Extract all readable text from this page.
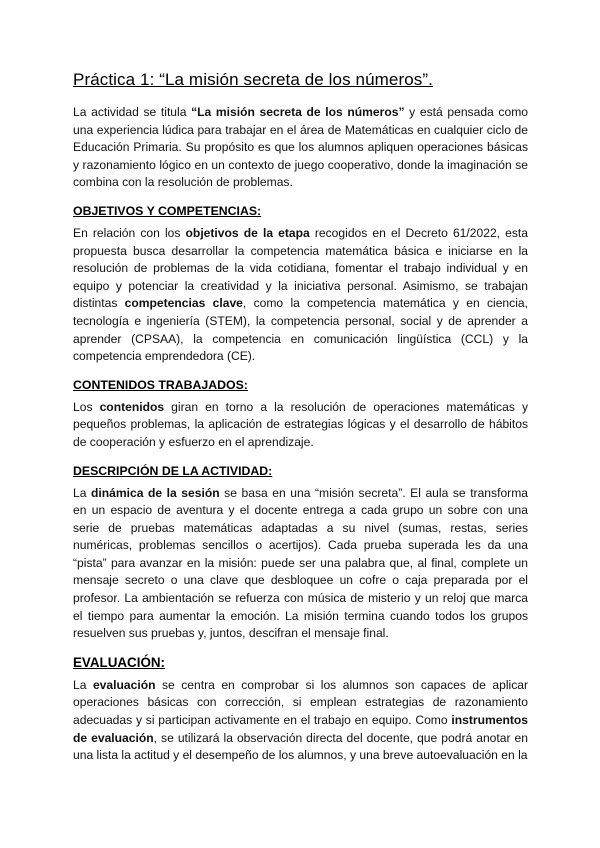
Práctica 1: “La misión secreta de los números”.

La actividad se titula “La misión secreta de los números” y está pensada como una experiencia lúdica para trabajar en el área de Matemáticas en cualquier ciclo de Educación Primaria. Su propósito es que los alumnos apliquen operaciones básicas y razonamiento lógico en un contexto de juego cooperativo, donde la imaginación se combina con la resolución de problemas.

OBJETIVOS Y COMPETENCIAS:

En relación con los objetivos de la etapa recogidos en el Decreto 61/2022, esta propuesta busca desarrollar la competencia matemática básica e iniciarse en la resolución de problemas de la vida cotidiana, fomentar el trabajo individual y en equipo y potenciar la creatividad y la iniciativa personal. Asimismo, se trabajan distintas competencias clave, como la competencia matemática y en ciencia, tecnología e ingeniería (STEM), la competencia personal, social y de aprender a aprender (CPSAA), la competencia en comunicación lingüística (CCL) y la competencia emprendedora (CE).

CONTENIDOS TRABAJADOS:

Los contenidos giran en torno a la resolución de operaciones matemáticas y pequeños problemas, la aplicación de estrategias lógicas y el desarrollo de hábitos de cooperación y esfuerzo en el aprendizaje.

DESCRIPCIÓN DE LA ACTIVIDAD:

La dinámica de la sesión se basa en una “misión secreta”. El aula se transforma en un espacio de aventura y el docente entrega a cada grupo un sobre con una serie de pruebas matemáticas adaptadas a su nivel (sumas, restas, series numéricas, problemas sencillos o acertijos). Cada prueba superada les da una “pista” para avanzar en la misión: puede ser una palabra que, al final, complete un mensaje secreto o una clave que desbloquee un cofre o caja preparada por el profesor. La ambientación se refuerza con música de misterio y un reloj que marca el tiempo para aumentar la emoción. La misión termina cuando todos los grupos resuelven sus pruebas y, juntos, descifran el mensaje final.

EVALUACIÓN:

La evaluación se centra en comprobar si los alumnos son capaces de aplicar operaciones básicas con corrección, si emplean estrategias de razonamiento adecuadas y si participan activamente en el trabajo en equipo. Como instrumentos de evaluación, se utilizará la observación directa del docente, que podrá anotar en una lista la actitud y el desempeño de los alumnos, y una breve autoevaluación en la
